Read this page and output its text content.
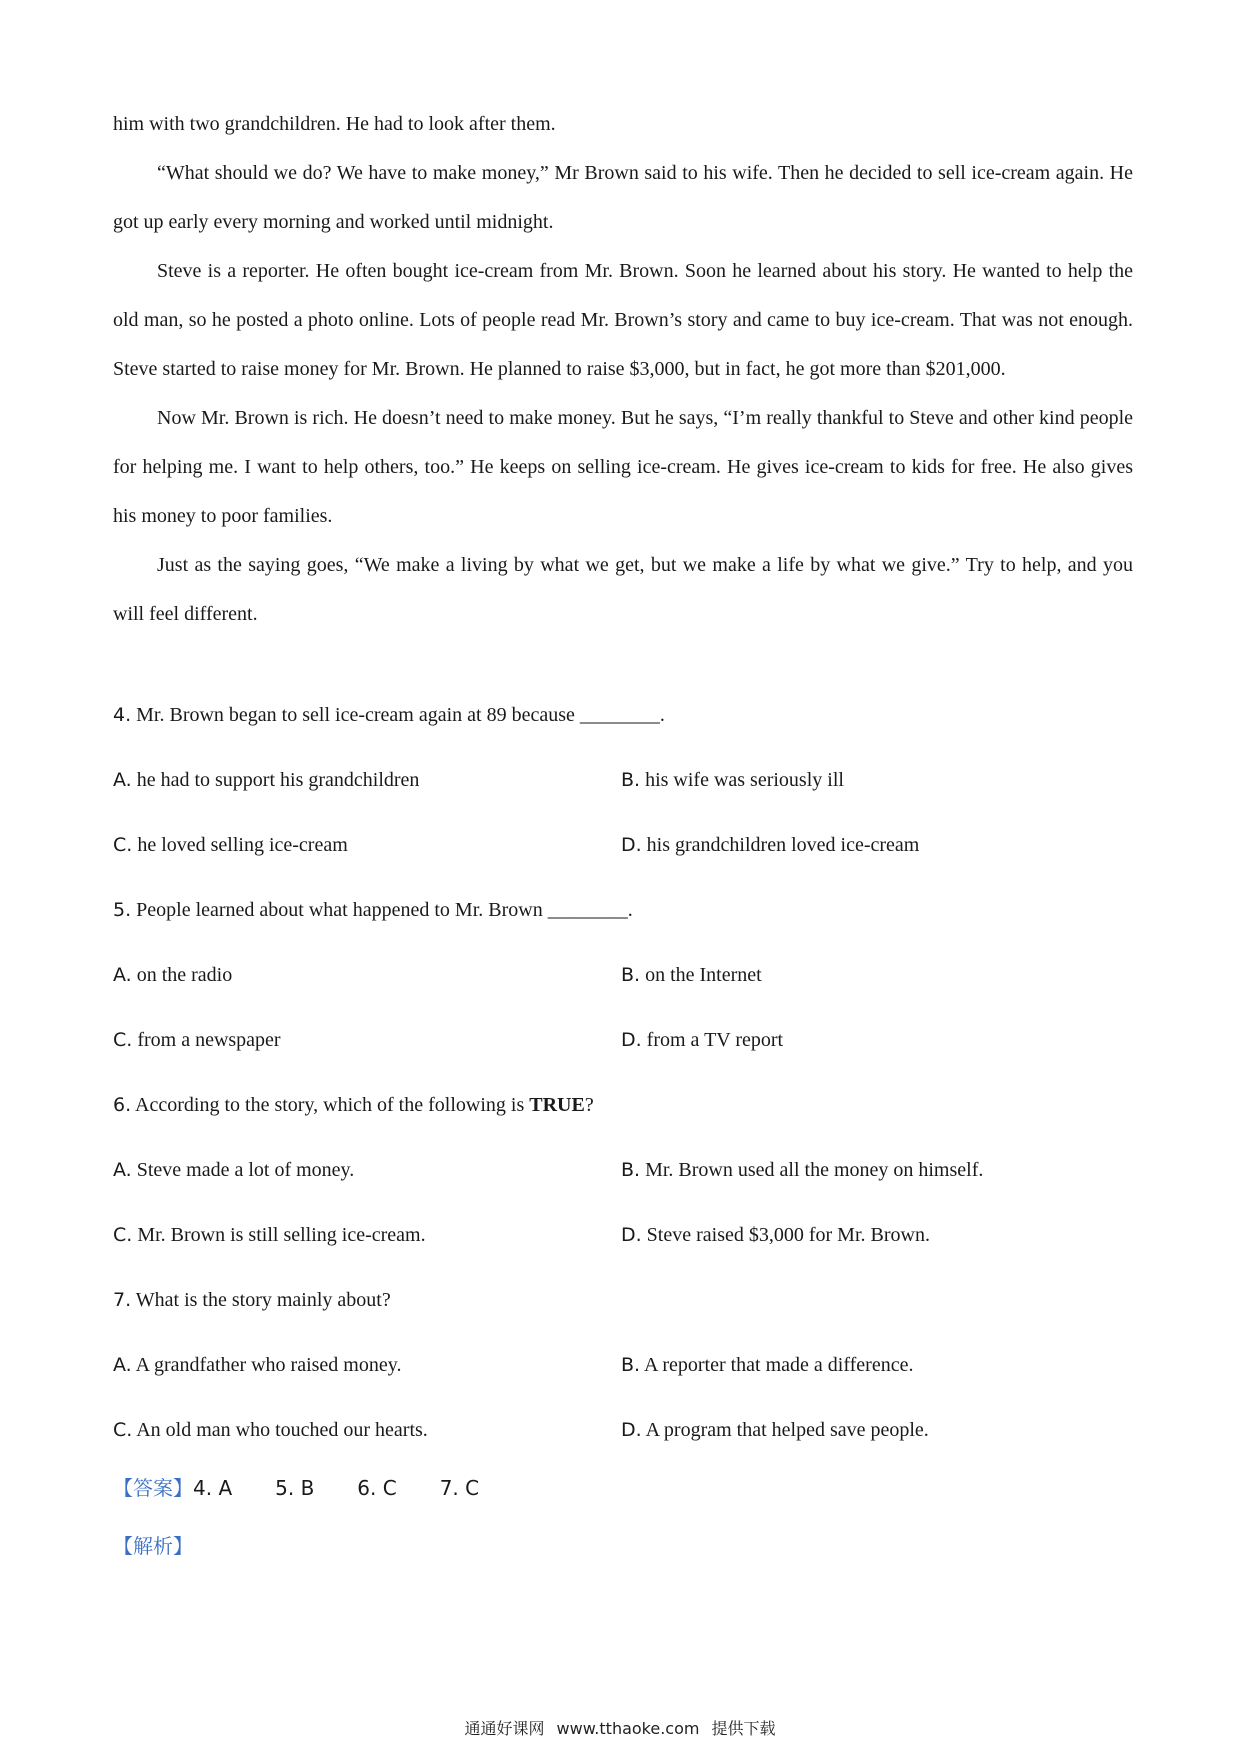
him with two grandchildren. He had to look after them.

“What should we do? We have to make money,” Mr Brown said to his wife. Then he decided to sell ice-cream again. He got up early every morning and worked until midnight.

Steve is a reporter. He often bought ice-cream from Mr. Brown. Soon he learned about his story. He wanted to help the old man, so he posted a photo online. Lots of people read Mr. Brown’s story and came to buy ice-cream. That was not enough. Steve started to raise money for Mr. Brown. He planned to raise $3,000, but in fact, he got more than $201,000.

Now Mr. Brown is rich. He doesn’t need to make money. But he says, “I’m really thankful to Steve and other kind people for helping me. I want to help others, too.” He keeps on selling ice-cream. He gives ice-cream to kids for free. He also gives his money to poor families.

Just as the saying goes, “We make a living by what we get, but we make a life by what we give.” Try to help, and you will feel different.

4. Mr. Brown began to sell ice-cream again at 89 because ________.
A. he had to support his grandchildren	B. his wife was seriously ill
C. he loved selling ice-cream	D. his grandchildren loved ice-cream
5. People learned about what happened to Mr. Brown ________.
A. on the radio	B. on the Internet
C. from a newspaper	D. from a TV report
6. According to the story, which of the following is TRUE?
A. Steve made a lot of money.	B. Mr. Brown used all the money on himself.
C. Mr. Brown is still selling ice-cream.	D. Steve raised $3,000 for Mr. Brown.
7. What is the story mainly about?
A. A grandfather who raised money.	B. A reporter that made a difference.
C. An old man who touched our hearts.	D. A program that helped save people.
【答案】4. A 5. B 6. C 7. C
【解析】
通通好课网 www.tthaoke.com 提供下载
